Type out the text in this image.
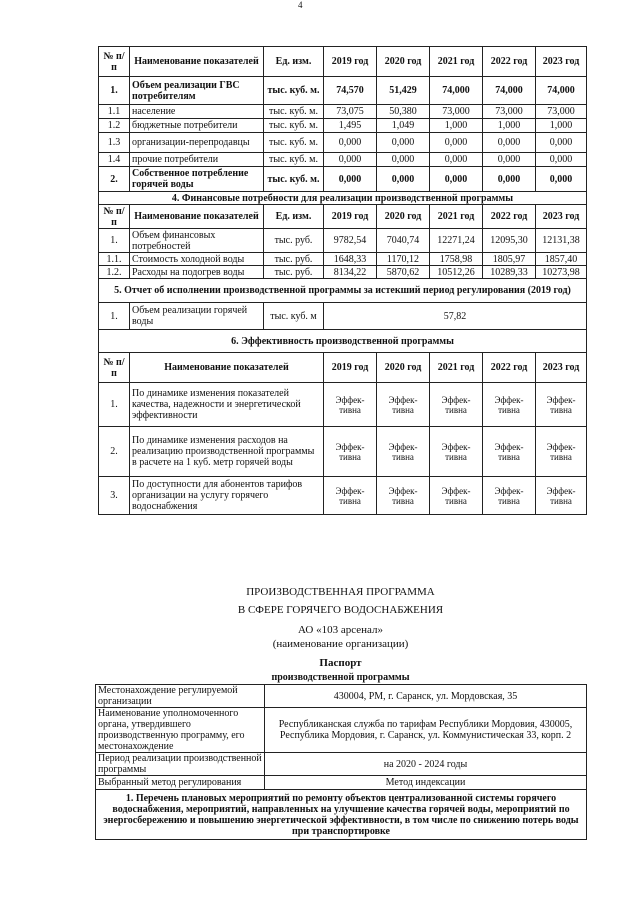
4
№ п/п	Наименование показателей	Ед. изм.	2019 год	2020 год	2021 год	2022 год	2023 год
1.	Объем реализации ГВС потребителям	тыс. куб. м.	74,570	51,429	74,000	74,000	74,000
1.1	население	тыс. куб. м.	73,075	50,380	73,000	73,000	73,000
1.2	бюджетные потребители	тыс. куб. м.	1,495	1,049	1,000	1,000	1,000
1.3	организации-перепродавцы	тыс. куб. м.	0,000	0,000	0,000	0,000	0,000
1.4	прочие потребители	тыс. куб. м.	0,000	0,000	0,000	0,000	0,000
2.	Собственное потребление горячей воды	тыс. куб. м.	0,000	0,000	0,000	0,000	0,000
4. Финансовые потребности для реализации производственной программы							
№ п/п	Наименование показателей	Ед. изм.	2019 год	2020 год	2021 год	2022 год	2023 год
1.	Объем финансовых потребностей	тыс. руб.	9782,54	7040,74	12271,24	12095,30	12131,38
1.1.	Стоимость холодной воды	тыс. руб.	1648,33	1170,12	1758,98	1805,97	1857,40
1.2.	Расходы на подогрев воды	тыс. руб.	8134,22	5870,62	10512,26	10289,33	10273,98
5. Отчет об исполнении производственной программы за истекший период регулирования (2019 год)							
1.	Объем реализации горячей воды	тыс. куб. м	57,82				
6. Эффективность производственной программы							
№ п/п	Наименование показателей		2019 год	2020 год	2021 год	2022 год	2023 год
1.	По динамике изменения показателей качества, надежности и энергетической эффективности		Эффек-тивна	Эффек-тивна	Эффек-тивна	Эффек-тивна	Эффек-тивна
2.	По динамике изменения расходов на реализацию производственной программы в расчете на 1 куб. метр горячей воды		Эффек-тивна	Эффек-тивна	Эффек-тивна	Эффек-тивна	Эффек-тивна
3.	По доступности для абонентов тарифов организации на услугу горячего водоснабжения		Эффек-тивна	Эффек-тивна	Эффек-тивна	Эффек-тивна	Эффек-тивна
ПРОИЗВОДСТВЕННАЯ ПРОГРАММА
В СФЕРЕ ГОРЯЧЕГО ВОДОСНАБЖЕНИЯ
АО «103 арсенал»
(наименование организации)
Паспорт
производственной программы
Местонахождение регулируемой организации	430004, РМ, г. Саранск, ул. Мордовская, 35
Наименование уполномоченного органа, утвердившего производственную программу, его местонахождение	Республиканская служба по тарифам Республики Мордовия, 430005, Республика Мордовия, г. Саранск, ул. Коммунистическая 33, корп. 2
Период реализации производственной программы	на 2020 - 2024 годы
Выбранный метод регулирования	Метод индексации
1. Перечень плановых мероприятий по ремонту объектов централизованной системы горячего водоснабжения, мероприятий, направленных на улучшение качества горячей воды, мероприятий по энергосбережению и повышению энергетической эффективности, в том числе по снижению потерь воды при транспортировке	
